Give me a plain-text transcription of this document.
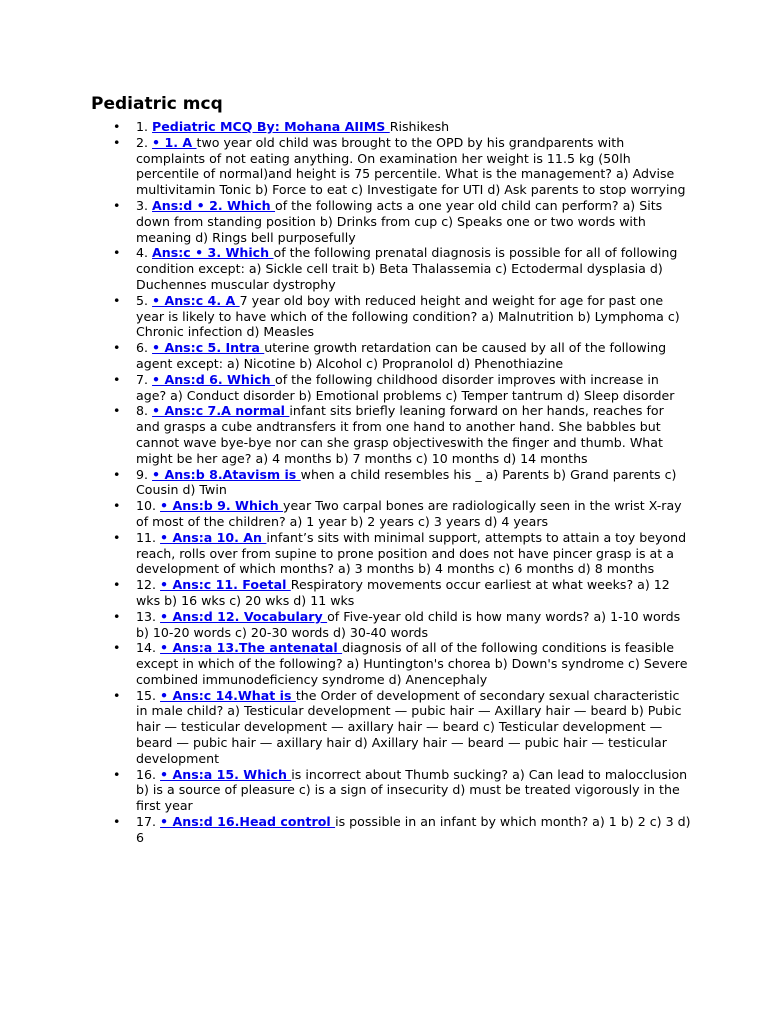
Pediatric mcq
• 1. Pediatric MCQ By: Mohana AIIMS Rishikesh
• 2. • 1. A two year old child was brought to the OPD by his grandparents with complaints of not eating anything. On examination her weight is 11.5 kg (50lh percentile of normal)and height is 75 percentile. What is the management? a) Advise multivitamin Tonic b) Force to eat c) Investigate for UTI d) Ask parents to stop worrying
• 3. Ans:d • 2. Which of the following acts a one year old child can perform? a) Sits down from standing position b) Drinks from cup c) Speaks one or two words with meaning d) Rings bell purposefully
• 4. Ans:c • 3. Which of the following prenatal diagnosis is possible for all of following condition except: a) Sickle cell trait b) Beta Thalassemia c) Ectodermal dysplasia d) Duchennes muscular dystrophy
• 5. • Ans:c 4. A 7 year old boy with reduced height and weight for age for past one year is likely to have which of the following condition? a) Malnutrition b) Lymphoma c) Chronic infection d) Measles
• 6. • Ans:c 5. Intra uterine growth retardation can be caused by all of the following agent except: a) Nicotine b) Alcohol c) Propranolol d) Phenothiazine
• 7. • Ans:d 6. Which of the following childhood disorder improves with increase in age? a) Conduct disorder b) Emotional problems c) Temper tantrum d) Sleep disorder
• 8. • Ans:c 7.A normal infant sits briefly leaning forward on her hands, reaches for and grasps a cube andtransfers it from one hand to another hand. She babbles but cannot wave bye-bye nor can she grasp objectiveswith the finger and thumb. What might be her age? a) 4 months b) 7 months c) 10 months d) 14 months
• 9. • Ans:b 8.Atavism is when a child resembles his _ a) Parents b) Grand parents c) Cousin d) Twin
• 10. • Ans:b 9. Which year Two carpal bones are radiologically seen in the wrist X-ray of most of the children? a) 1 year b) 2 years c) 3 years d) 4 years
• 11. • Ans:a 10. An infant’s sits with minimal support, attempts to attain a toy beyond reach, rolls over from supine to prone position and does not have pincer grasp is at a development of which months? a) 3 months b) 4 months c) 6 months d) 8 months
• 12. • Ans:c 11. Foetal Respiratory movements occur earliest at what weeks? a) 12 wks b) 16 wks c) 20 wks d) 11 wks
• 13. • Ans:d 12. Vocabulary of Five-year old child is how many words? a) 1-10 words b) 10-20 words c) 20-30 words d) 30-40 words
• 14. • Ans:a 13.The antenatal diagnosis of all of the following conditions is feasible except in which of the following? a) Huntington's chorea b) Down's syndrome c) Severe combined immunodeficiency syndrome d) Anencephaly
• 15. • Ans:c 14.What is the Order of development of secondary sexual characteristic in male child? a) Testicular development — pubic hair — Axillary hair — beard b) Pubic hair — testicular development — axillary hair — beard c) Testicular development — beard — pubic hair — axillary hair d) Axillary hair — beard — pubic hair — testicular development
• 16. • Ans:a 15. Which is incorrect about Thumb sucking? a) Can lead to malocclusion b) is a source of pleasure c) is a sign of insecurity d) must be treated vigorously in the first year
• 17. • Ans:d 16.Head control is possible in an infant by which month? a) 1 b) 2 c) 3 d) 6
